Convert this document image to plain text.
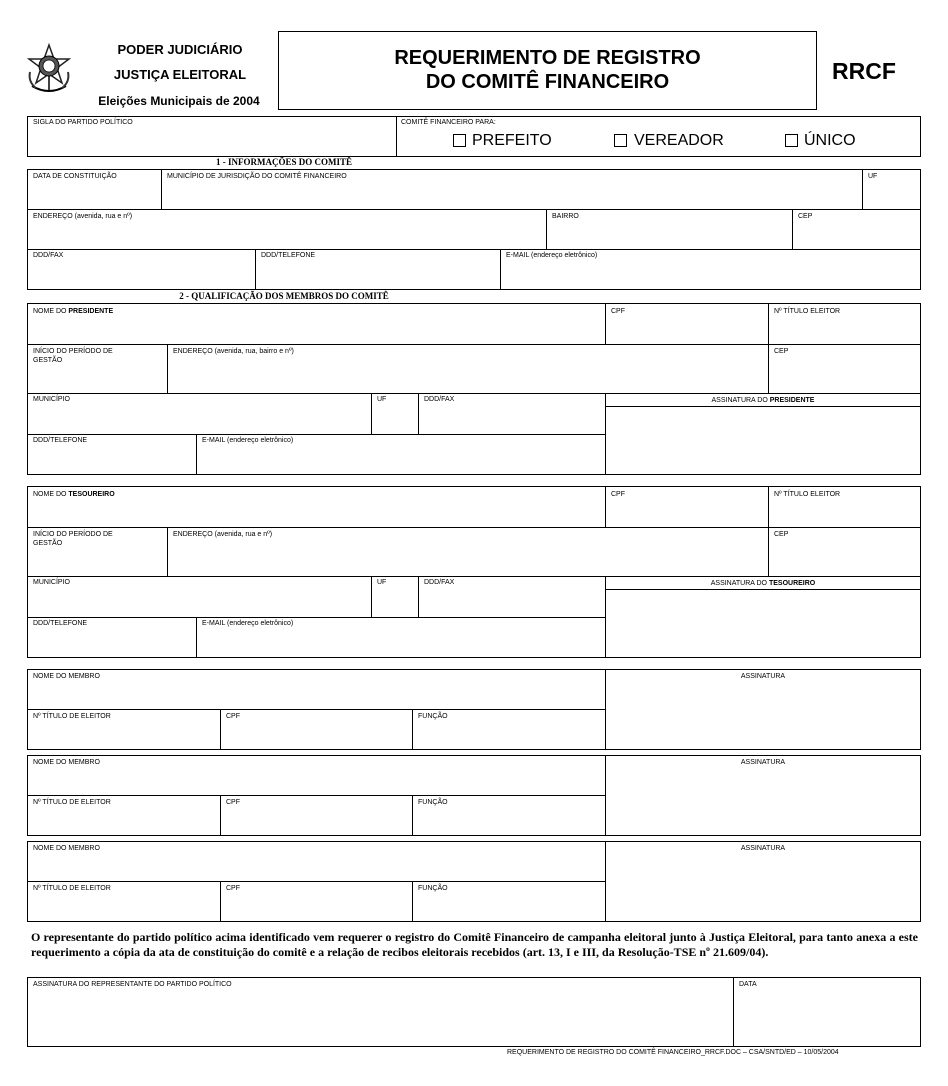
PODER JUDICIÁRIO
JUSTIÇA ELEITORAL
Eleições Municipais de 2004
REQUERIMENTO DE REGISTRO
DO COMITÊ FINANCEIRO	RRCF
SIGLA DO PARTIDO POLÍTICO	COMITÊ FINANCEIRO PARA:
PREFEITO	VEREADOR	ÚNICO
1 - INFORMAÇÕES DO COMITÊ
DATA DE CONSTITUIÇÃO	MUNICÍPIO DE JURISDIÇÃO DO COMITÊ FINANCEIRO	UF
ENDEREÇO (avenida, rua e nº)	BAIRRO	CEP
DDD/FAX	DDD/TELEFONE	E-MAIL (endereço eletrônico)
2 - QUALIFICAÇÃO DOS MEMBROS DO COMITÊ
NOME DO PRESIDENTE	CPF	Nº TÍTULO ELEITOR
INÍCIO DO PERÍODO DE
GESTÃO
ENDEREÇO (avenida, rua, bairro e nº)	CEP
MUNICÍPIO	UF	DDD/FAX	ASSINATURA DO PRESIDENTE
DDD/TELEFONE	E-MAIL (endereço eletrônico)
NOME DO TESOUREIRO	CPF	Nº TÍTULO ELEITOR
INÍCIO DO PERÍODO DE
GESTÃO
ENDEREÇO (avenida, rua e nº)	CEP
MUNICÍPIO	UF	DDD/FAX	ASSINATURA DO TESOUREIRO
DDD/TELEFONE	E-MAIL (endereço eletrônico)
NOME DO MEMBRO	ASSINATURA
Nº TÍTULO DE ELEITOR	CPF	FUNÇÃO
NOME DO MEMBRO	ASSINATURA
Nº TÍTULO DE ELEITOR	CPF	FUNÇÃO
NOME DO MEMBRO	ASSINATURA
Nº TÍTULO DE ELEITOR	CPF	FUNÇÃO
O representante do partido político acima identificado vem requerer o registro do Comitê Financeiro de campanha eleitoral junto à Justiça Eleitoral, para tanto anexa a este requerimento a cópia da ata de constituição do comitê e a relação de recibos eleitorais recebidos (art. 13, I e III, da Resolução-TSE nº 21.609/04).
ASSINATURA DO REPRESENTANTE DO PARTIDO POLÍTICO	DATA
REQUERIMENTO DE REGISTRO DO COMITÊ FINANCEIRO_RRCF.DOC – CSA/SNTD/ED – 10/05/2004
